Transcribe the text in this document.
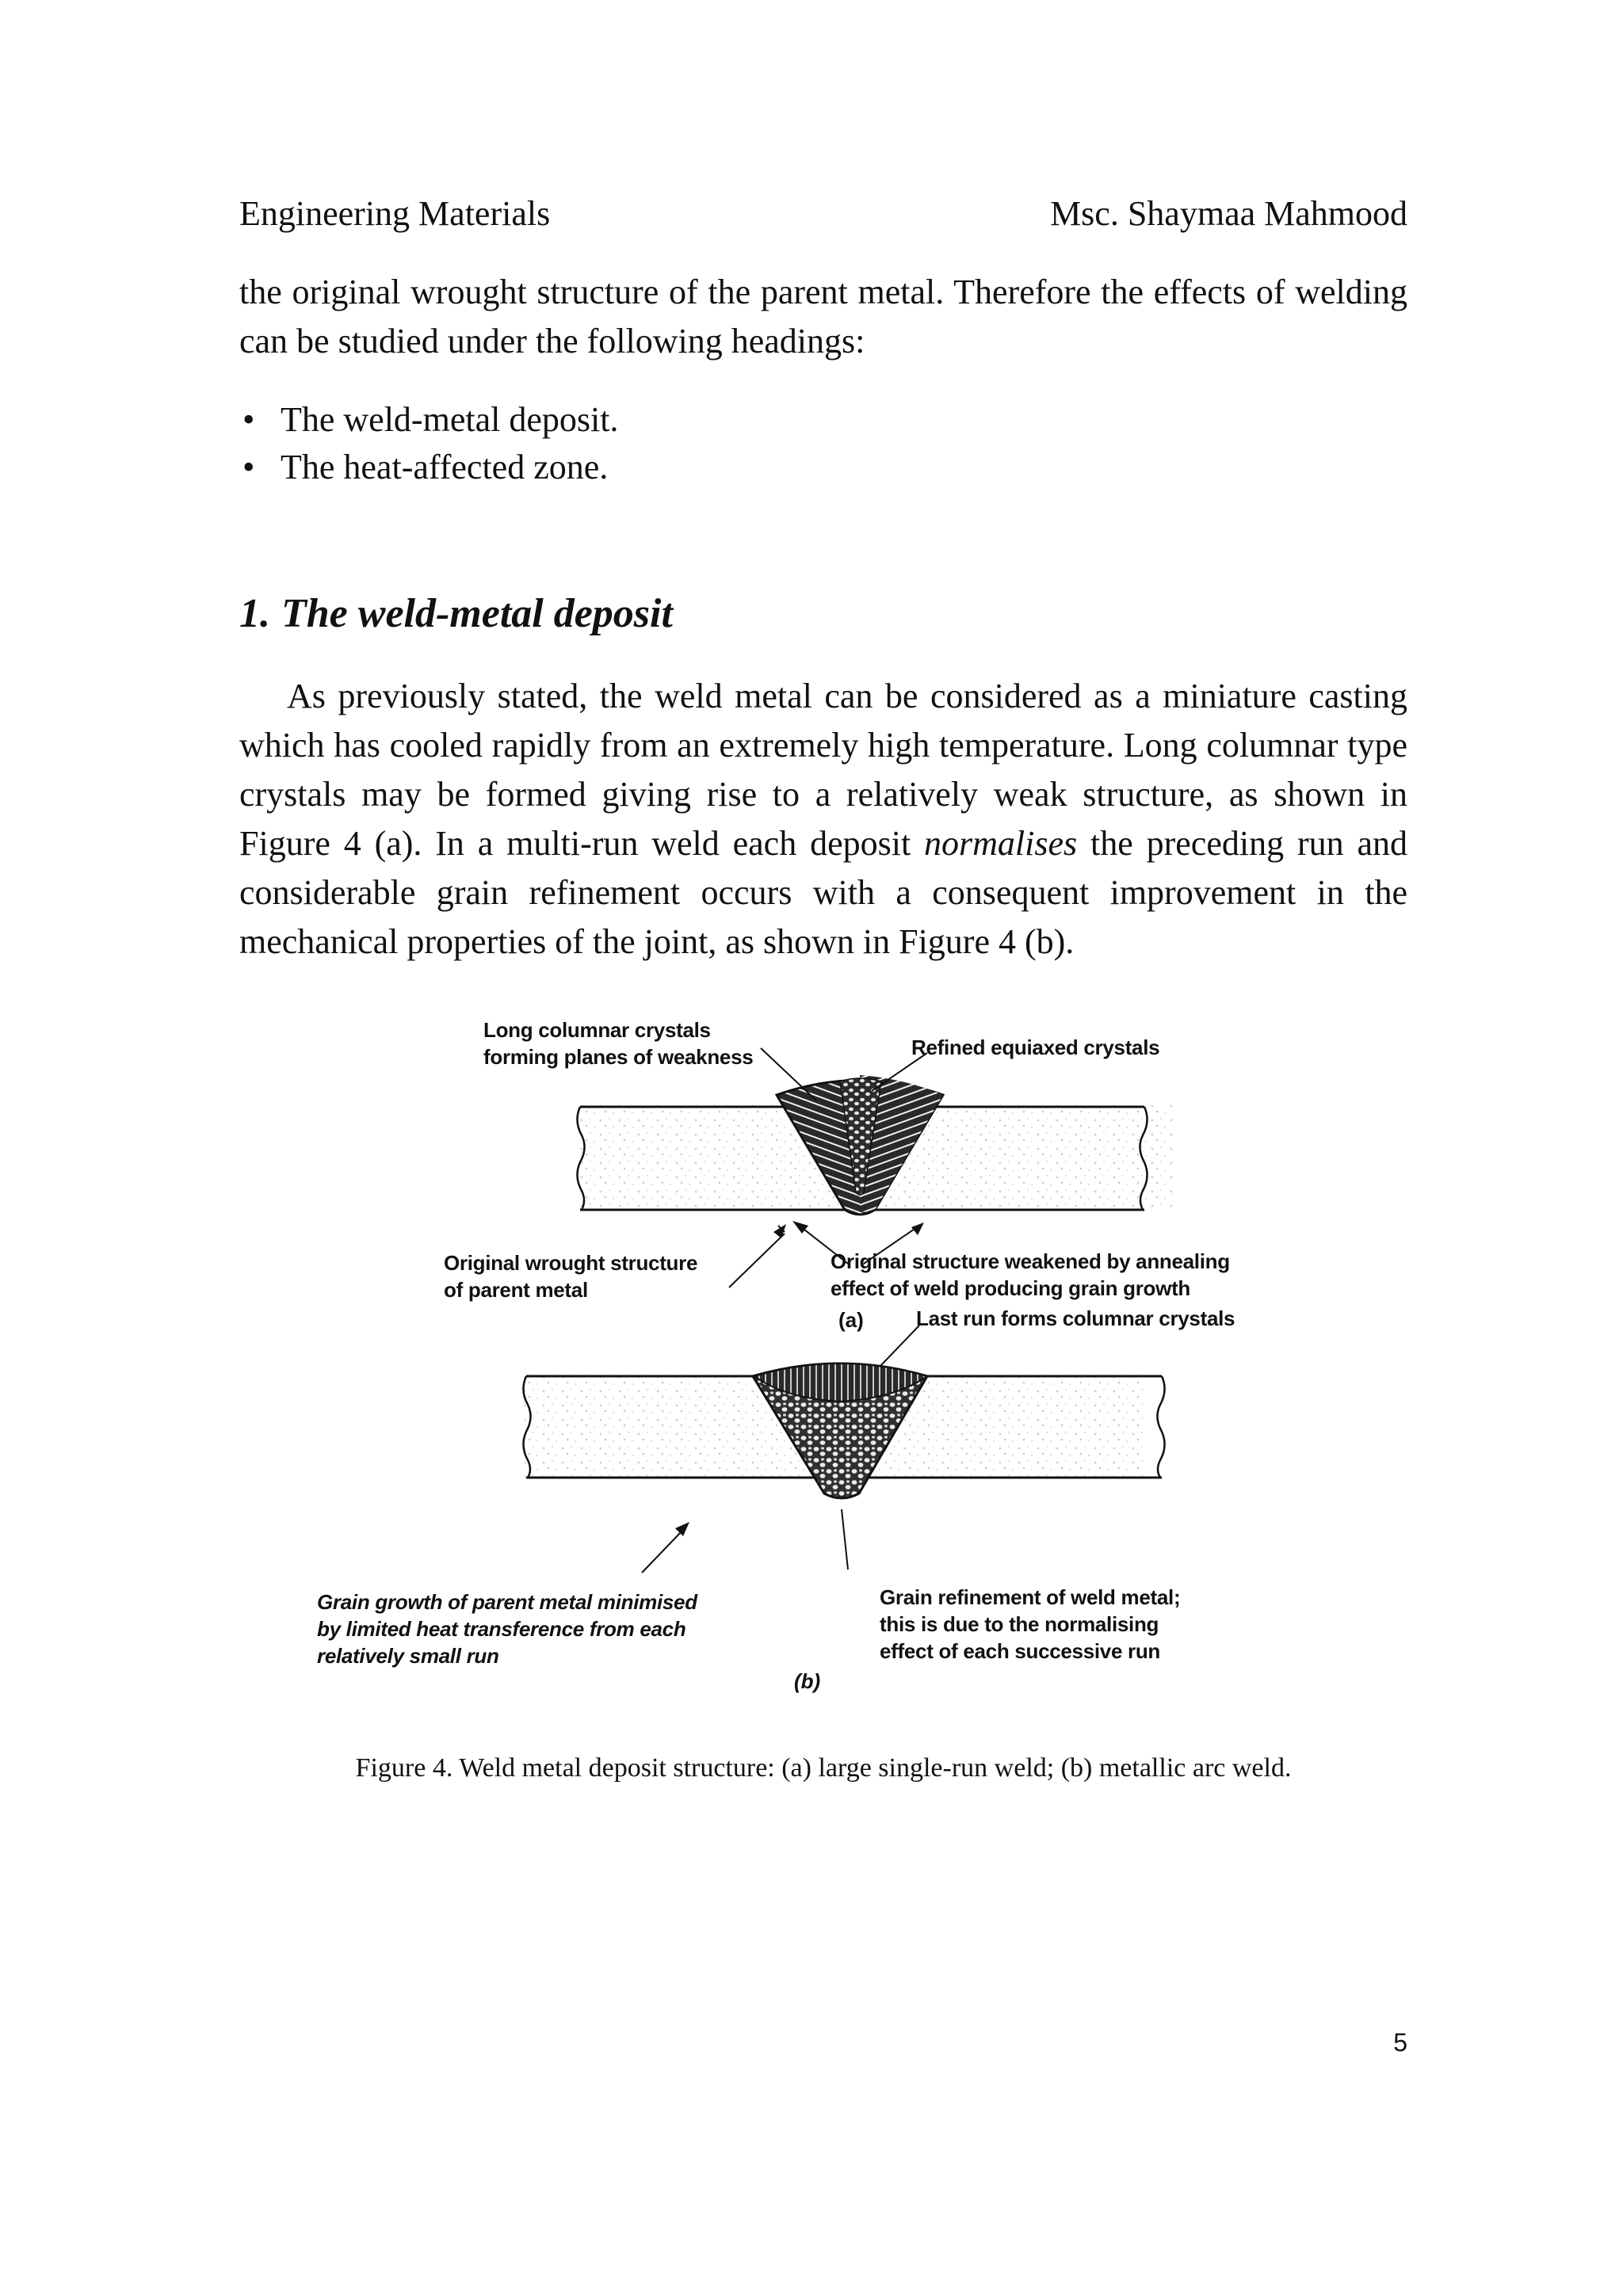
Engineering Materials	Msc. Shaymaa Mahmood
the original wrought structure of the parent metal. Therefore the effects of welding can be studied under the following headings:
• The weld-metal deposit.
• The heat-affected zone.
1. The weld-metal deposit
As previously stated, the weld metal can be considered as a miniature casting which has cooled rapidly from an extremely high temperature. Long columnar type crystals may be formed giving rise to a relatively weak structure, as shown in Figure 4 (a). In a multi-run weld each deposit normalises the preceding run and considerable grain refinement occurs with a consequent improvement in the mechanical properties of the joint, as shown in Figure 4 (b).
Long columnar crystals
forming planes of weakness	Refined equiaxed crystals
Original wrought structure
of parent metal
Original structure weakened by annealing
effect of weld producing grain growth
(a)	Last run forms columnar crystals
Grain growth of parent metal minimised
by limited heat transference from each
relatively small run
Grain refinement of weld metal;
this is due to the normalising
effect of each successive run
(b)
Figure 4. Weld metal deposit structure: (a) large single-run weld; (b) metallic arc weld.
5
